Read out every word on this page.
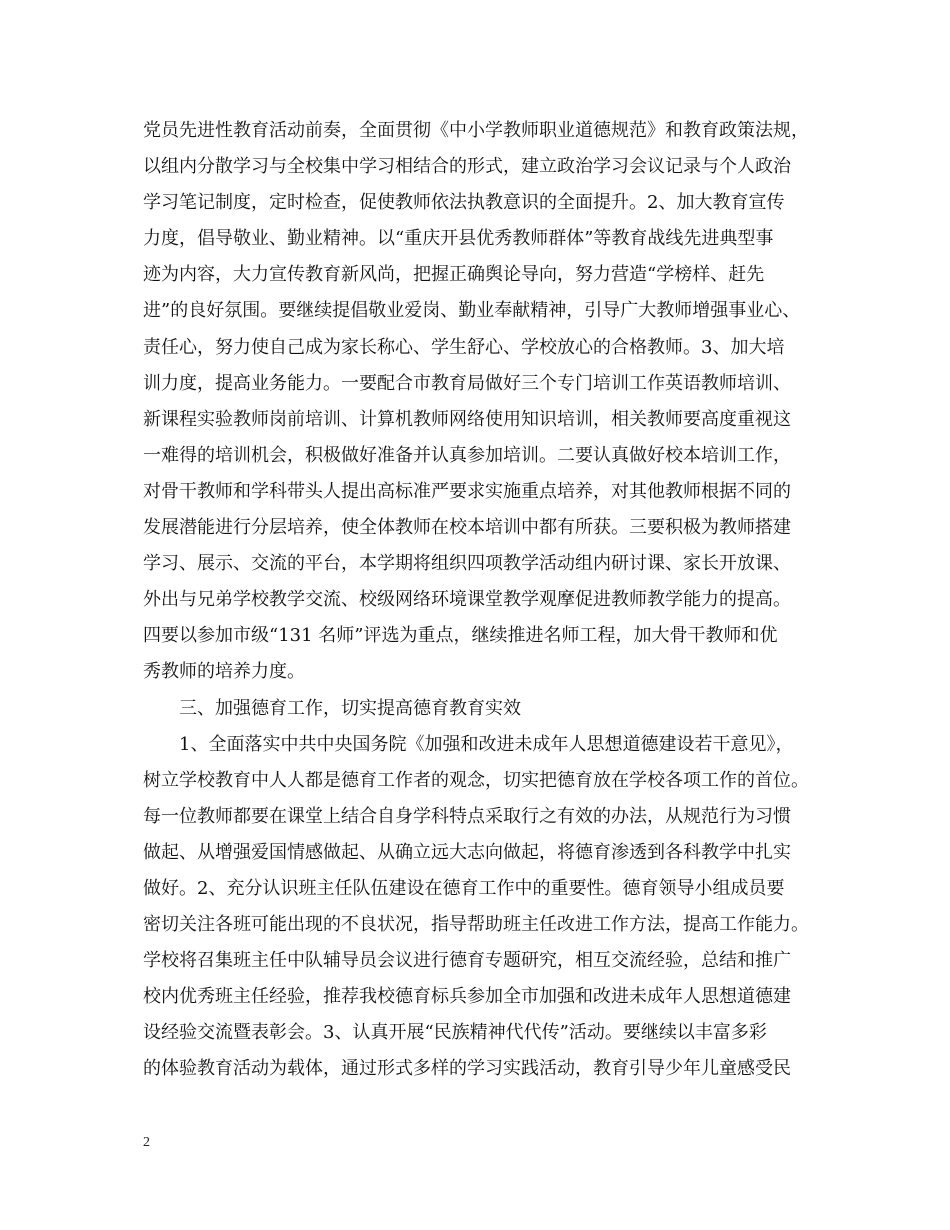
党员先进性教育活动前奏，全面贯彻《中小学教师职业道德规范》和教育政策法规，
以组内分散学习与全校集中学习相结合的形式，建立政治学习会议记录与个人政治
学习笔记制度，定时检查，促使教师依法执教意识的全面提升。2、加大教育宣传
力度，倡导敬业、勤业精神。以“重庆开县优秀教师群体”等教育战线先进典型事
迹为内容，大力宣传教育新风尚，把握正确舆论导向，努力营造“学榜样、赶先
进”的良好氛围。要继续提倡敬业爱岗、勤业奉献精神，引导广大教师增强事业心、
责任心，努力使自己成为家长称心、学生舒心、学校放心的合格教师。3、加大培
训力度，提高业务能力。一要配合市教育局做好三个专门培训工作英语教师培训、
新课程实验教师岗前培训、计算机教师网络使用知识培训，相关教师要高度重视这
一难得的培训机会，积极做好准备并认真参加培训。二要认真做好校本培训工作，
对骨干教师和学科带头人提出高标准严要求实施重点培养，对其他教师根据不同的
发展潜能进行分层培养，使全体教师在校本培训中都有所获。三要积极为教师搭建
学习、展示、交流的平台，本学期将组织四项教学活动组内研讨课、家长开放课、
外出与兄弟学校教学交流、校级网络环境课堂教学观摩促进教师教学能力的提高。
四要以参加市级“131 名师”评选为重点，继续推进名师工程，加大骨干教师和优
秀教师的培养力度。
三、加强德育工作，切实提高德育教育实效
1、全面落实中共中央国务院《加强和改进未成年人思想道德建设若干意见》，
树立学校教育中人人都是德育工作者的观念，切实把德育放在学校各项工作的首位。
每一位教师都要在课堂上结合自身学科特点采取行之有效的办法，从规范行为习惯
做起、从增强爱国情感做起、从确立远大志向做起，将德育渗透到各科教学中扎实
做好。2、充分认识班主任队伍建设在德育工作中的重要性。德育领导小组成员要
密切关注各班可能出现的不良状况，指导帮助班主任改进工作方法，提高工作能力。
学校将召集班主任中队辅导员会议进行德育专题研究，相互交流经验，总结和推广
校内优秀班主任经验，推荐我校德育标兵参加全市加强和改进未成年人思想道德建
设经验交流暨表彰会。3、认真开展“民族精神代代传”活动。要继续以丰富多彩
的体验教育活动为载体，通过形式多样的学习实践活动，教育引导少年儿童感受民
2
